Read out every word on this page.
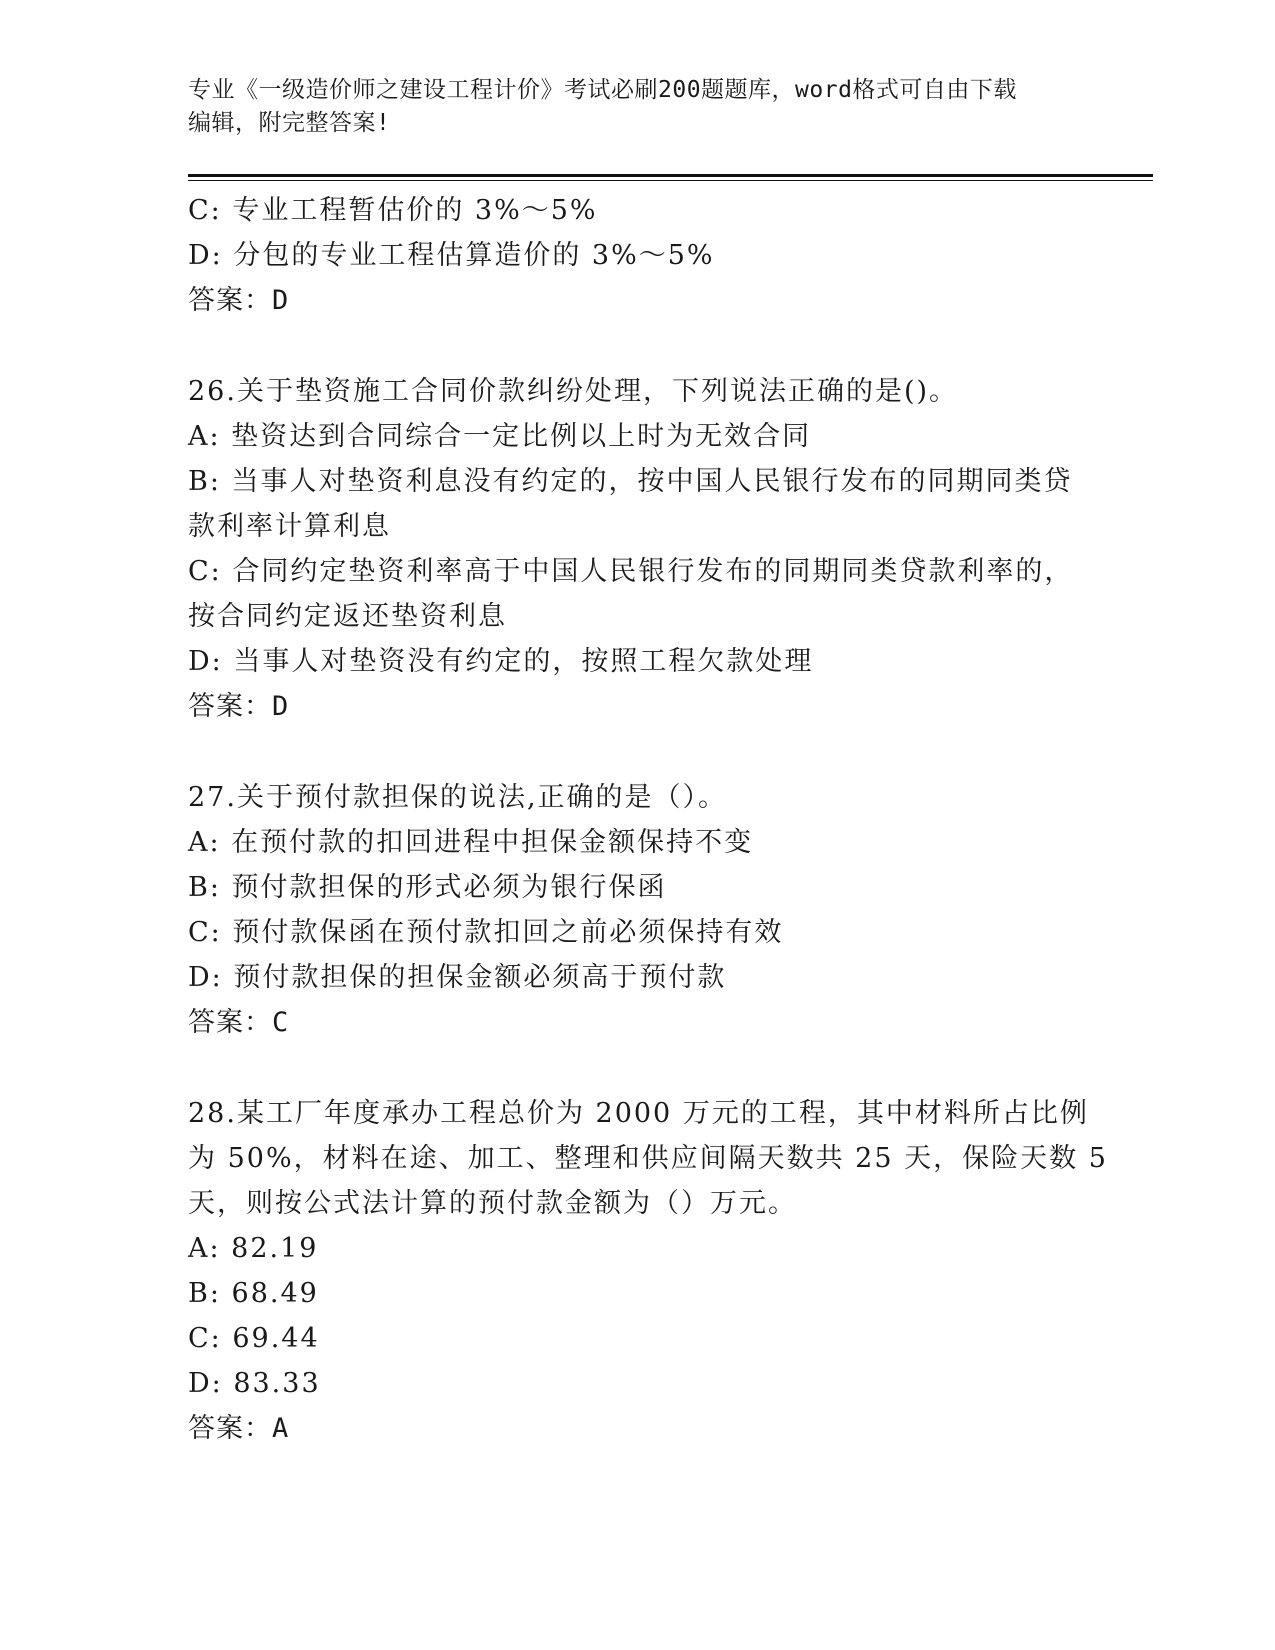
专业《一级造价师之建设工程计价》考试必刷200题题库，word格式可自由下载
编辑，附完整答案!
C: 专业工程暂估价的 3%～5%
D: 分包的专业工程估算造价的 3%～5%
答案：D
26.关于垫资施工合同价款纠纷处理，下列说法正确的是()。
A: 垫资达到合同综合一定比例以上时为无效合同
B: 当事人对垫资利息没有约定的，按中国人民银行发布的同期同类贷
款利率计算利息
C: 合同约定垫资利率高于中国人民银行发布的同期同类贷款利率的，
按合同约定返还垫资利息
D: 当事人对垫资没有约定的，按照工程欠款处理
答案：D
27.关于预付款担保的说法,正确的是（）。
A: 在预付款的扣回进程中担保金额保持不变
B: 预付款担保的形式必须为银行保函
C: 预付款保函在预付款扣回之前必须保持有效
D: 预付款担保的担保金额必须高于预付款
答案：C
28.某工厂年度承办工程总价为 2000 万元的工程，其中材料所占比例
为 50%，材料在途、加工、整理和供应间隔天数共 25 天，保险天数 5
天，则按公式法计算的预付款金额为（）万元。
A: 82.19
B: 68.49
C: 69.44
D: 83.33
答案：A
